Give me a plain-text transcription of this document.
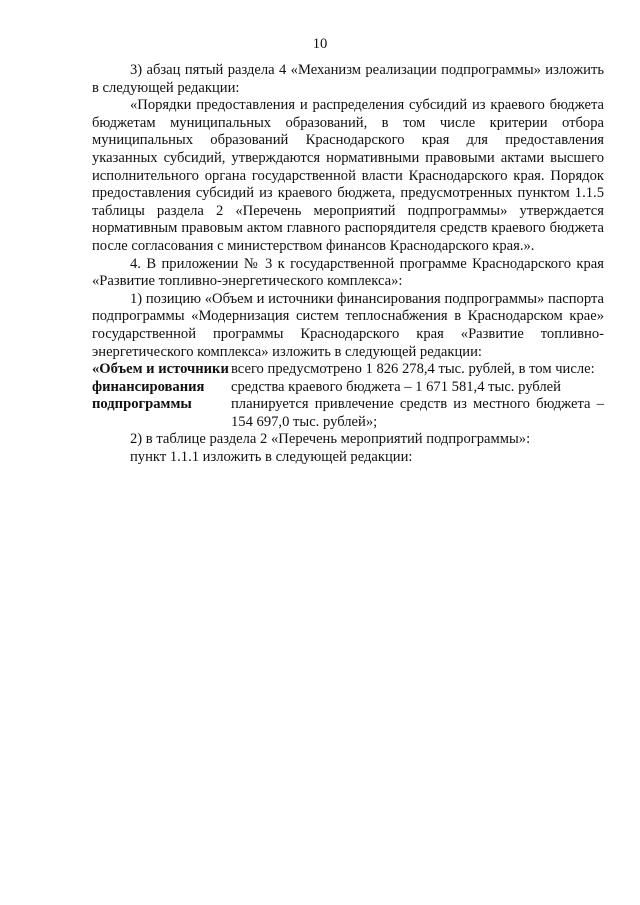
10

3) абзац пятый раздела 4 «Механизм реализации подпрограммы» изложить в следующей редакции:

«Порядки предоставления и распределения субсидий из краевого бюджета бюджетам муниципальных образований, в том числе критерии отбора муниципальных образований Краснодарского края для предоставления указанных субсидий, утверждаются нормативными правовыми актами высшего исполнительного органа государственной власти Краснодарского края. Порядок предоставления субсидий из краевого бюджета, предусмотренных пунктом 1.1.5 таблицы раздела 2 «Перечень мероприятий подпрограммы» утверждается нормативным правовым актом главного распорядителя средств краевого бюджета после согласования с министерством финансов Краснодарского края.».

4. В приложении № 3 к государственной программе Краснодарского края «Развитие топливно-энергетического комплекса»:

1) позицию «Объем и источники финансирования подпрограммы» паспорта подпрограммы «Модернизация систем теплоснабжения в Краснодарском крае» государственной программы Краснодарского края «Развитие топливно-энергетического комплекса» изложить в следующей редакции:

«Объем и источники финансирования подпрограммы

всего предусмотрено 1 826 278,4 тыс. рублей, в том числе:

средства краевого бюджета – 1 671 581,4 тыс. рублей

планируется привлечение средств из местного бюджета – 154 697,0 тыс. рублей»;

2) в таблице раздела 2 «Перечень мероприятий подпрограммы»:

пункт 1.1.1 изложить в следующей редакции:
